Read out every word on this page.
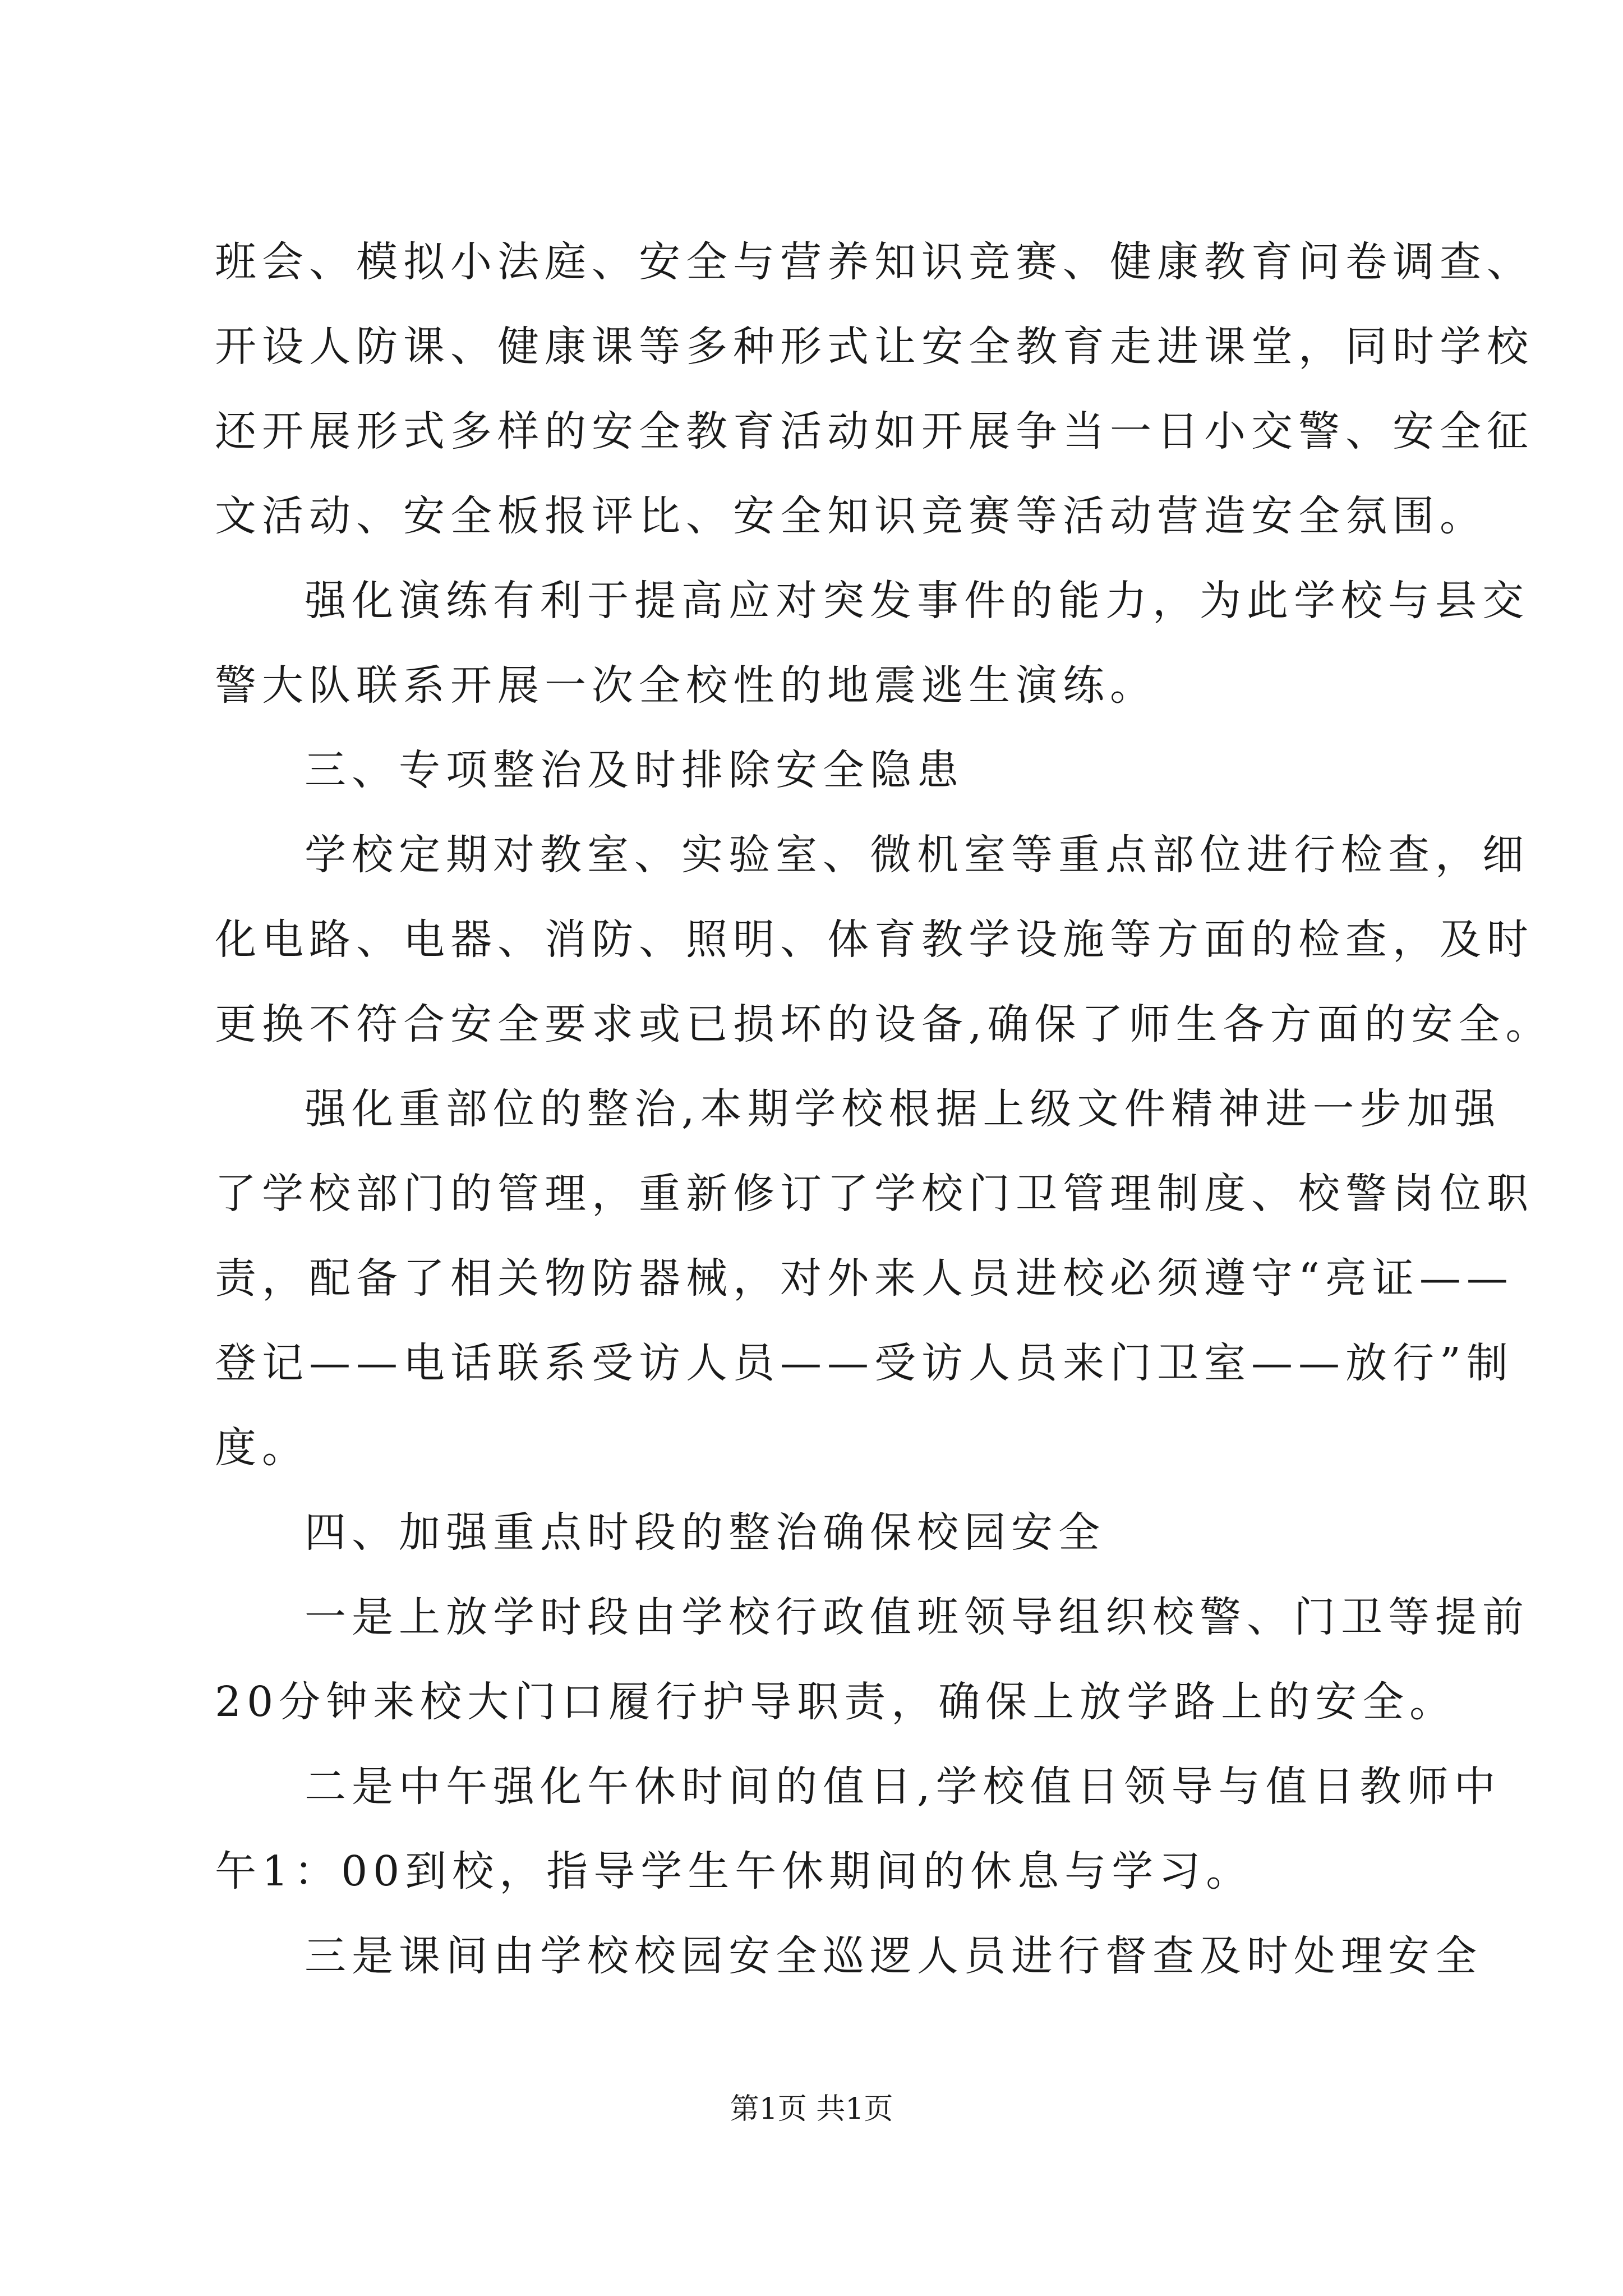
班会、模拟小法庭、安全与营养知识竞赛、健康教育问卷调查、
开设人防课、健康课等多种形式让安全教育走进课堂，同时学校
还开展形式多样的安全教育活动如开展争当一日小交警、安全征
文活动、安全板报评比、安全知识竞赛等活动营造安全氛围。
强化演练有利于提高应对突发事件的能力，为此学校与县交
警大队联系开展一次全校性的地震逃生演练。
三、专项整治及时排除安全隐患
学校定期对教室、实验室、微机室等重点部位进行检查，细
化电路、电器、消防、照明、体育教学设施等方面的检查，及时
更换不符合安全要求或已损坏的设备,确保了师生各方面的安全。
强化重部位的整治,本期学校根据上级文件精神进一步加强
了学校部门的管理，重新修订了学校门卫管理制度、校警岗位职
责，配备了相关物防器械，对外来人员进校必须遵守“亮证——
登记——电话联系受访人员——受访人员来门卫室——放行”制
度。
四、加强重点时段的整治确保校园安全
一是上放学时段由学校行政值班领导组织校警、门卫等提前
20分钟来校大门口履行护导职责，确保上放学路上的安全。
二是中午强化午休时间的值日,学校值日领导与值日教师中
午1：00到校，指导学生午休期间的休息与学习。
三是课间由学校校园安全巡逻人员进行督查及时处理安全
第1页 共1页
